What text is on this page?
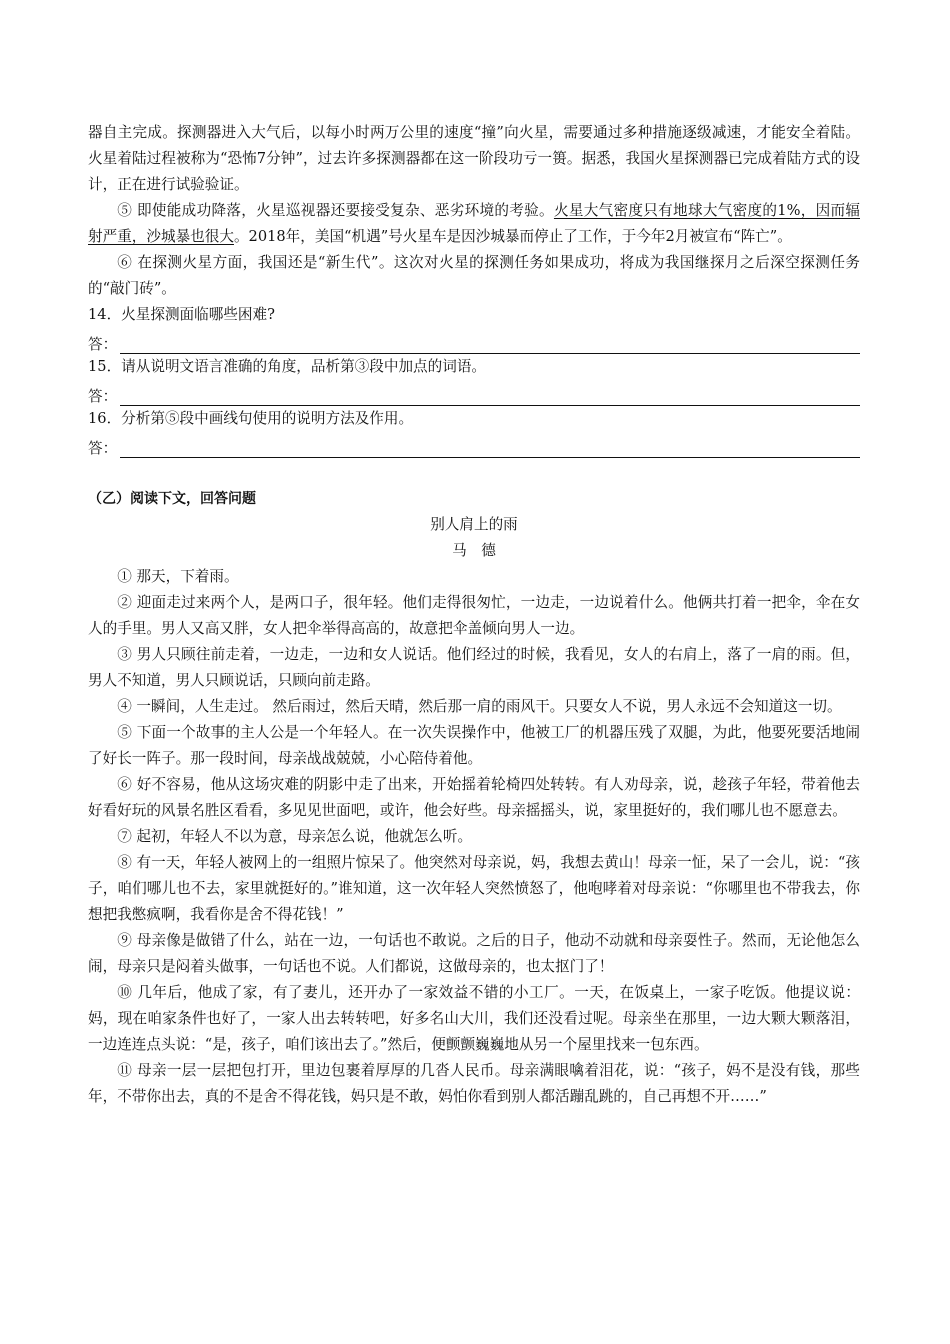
器自主完成。探测器进入大气后，以每小时两万公里的速度“撞”向火星，需要通过多种措施逐级减速，才能安全着陆。火星着陆过程被称为“恐怖7分钟”，过去许多探测器都在这一阶段功亏一篑。据悉，我国火星探测器已完成着陆方式的设计，正在进行试验验证。

⑤ 即使能成功降落，火星巡视器还要接受复杂、恶劣环境的考验。火星大气密度只有地球大气密度的1%，因而辐射严重，沙城暴也很大。2018年，美国“机遇”号火星车是因沙城暴而停止了工作，于今年2月被宣布“阵亡”。

⑥ 在探测火星方面，我国还是“新生代”。这次对火星的探测任务如果成功，将成为我国继探月之后深空探测任务的“敲门砖”。

14．火星探测面临哪些困难?

答：

15．请从说明文语言准确的角度，品析第③段中加点的词语。

答：

16．分析第⑤段中画线句使用的说明方法及作用。

答：

（乙）阅读下文，回答问题

别人肩上的雨

马　德

① 那天，下着雨。

② 迎面走过来两个人，是两口子，很年轻。他们走得很匆忙，一边走，一边说着什么。他俩共打着一把伞，伞在女人的手里。男人又高又胖，女人把伞举得高高的，故意把伞盖倾向男人一边。

③ 男人只顾往前走着，一边走，一边和女人说话。他们经过的时候，我看见，女人的右肩上，落了一肩的雨。但，男人不知道，男人只顾说话，只顾向前走路。

④ 一瞬间，人生走过。 然后雨过，然后天晴，然后那一肩的雨风干。只要女人不说，男人永远不会知道这一切。

⑤ 下面一个故事的主人公是一个年轻人。在一次失误操作中，他被工厂的机器压残了双腿，为此，他要死要活地闹了好长一阵子。那一段时间，母亲战战兢兢，小心陪侍着他。

⑥ 好不容易，他从这场灾难的阴影中走了出来，开始摇着轮椅四处转转。有人劝母亲，说，趁孩子年轻，带着他去好看好玩的风景名胜区看看，多见见世面吧，或许，他会好些。母亲摇摇头，说，家里挺好的，我们哪儿也不愿意去。

⑦ 起初，年轻人不以为意，母亲怎么说，他就怎么听。

⑧ 有一天，年轻人被网上的一组照片惊呆了。他突然对母亲说，妈，我想去黄山！母亲一怔，呆了一会儿，说：“孩子，咱们哪儿也不去，家里就挺好的。”谁知道，这一次年轻人突然愤怒了，他咆哮着对母亲说：“你哪里也不带我去，你想把我憋疯啊，我看你是舍不得花钱！”

⑨ 母亲像是做错了什么，站在一边，一句话也不敢说。之后的日子，他动不动就和母亲耍性子。然而，无论他怎么闹，母亲只是闷着头做事，一句话也不说。人们都说，这做母亲的，也太抠门了！

⑩ 几年后，他成了家，有了妻儿，还开办了一家效益不错的小工厂。一天，在饭桌上，一家子吃饭。他提议说：妈，现在咱家条件也好了，一家人出去转转吧，好多名山大川，我们还没看过呢。母亲坐在那里，一边大颗大颗落泪，一边连连点头说：“是，孩子，咱们该出去了。”然后，便颤颤巍巍地从另一个屋里找来一包东西。

⑪ 母亲一层一层把包打开，里边包裹着厚厚的几沓人民币。母亲满眼噙着泪花，说：“孩子，妈不是没有钱，那些年，不带你出去，真的不是舍不得花钱，妈只是不敢，妈怕你看到别人都活蹦乱跳的，自己再想不开……”
